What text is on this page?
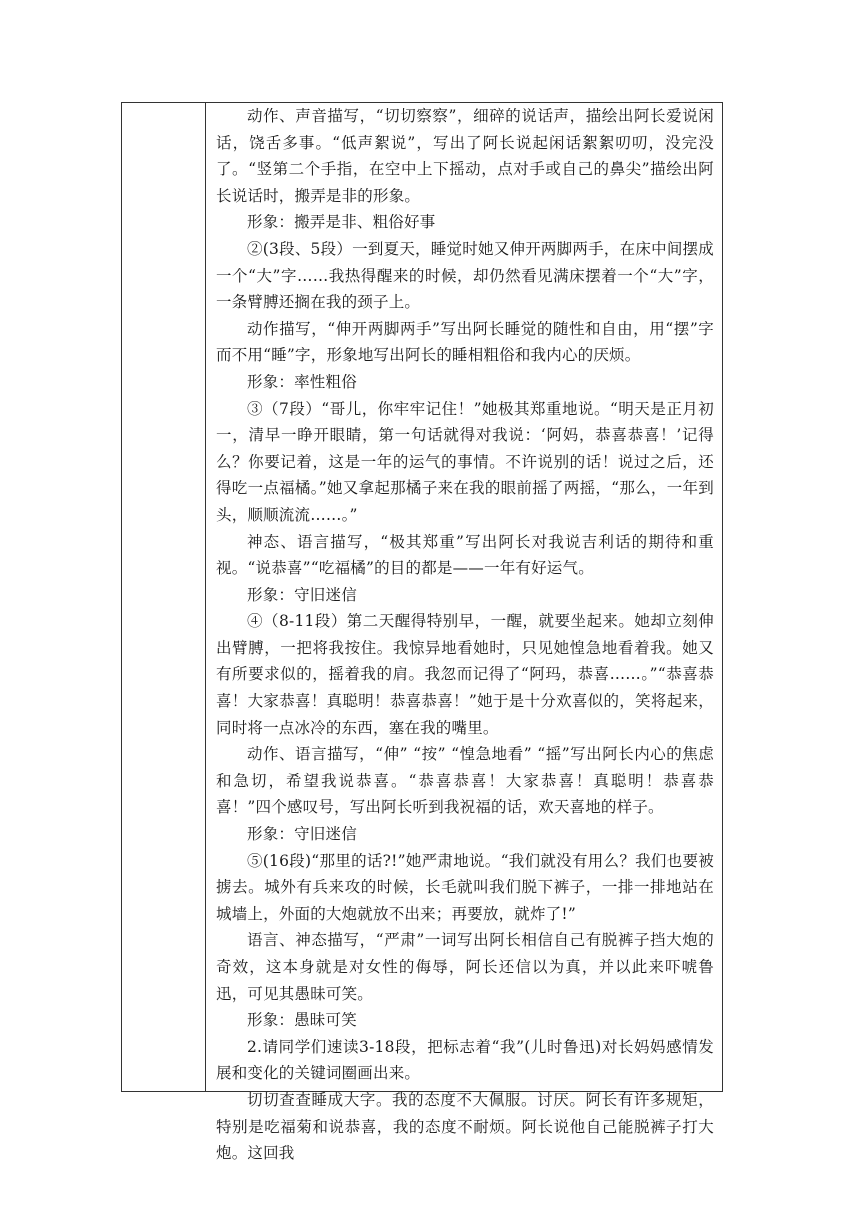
动作、声音描写，“切切察察”，细碎的说话声，描绘出阿长爱说闲话，饶舌多事。“低声絮说”，写出了阿长说起闲话絮絮叨叨，没完没了。“竖第二个手指，在空中上下摇动，点对手或自己的鼻尖”描绘出阿长说话时，搬弄是非的形象。

形象：搬弄是非、粗俗好事

②(3段、5段）一到夏天，睡觉时她又伸开两脚两手，在床中间摆成一个“大”字……我热得醒来的时候，却仍然看见满床摆着一个“大”字，一条臂膊还搁在我的颈子上。

动作描写，“伸开两脚两手”写出阿长睡觉的随性和自由，用“摆”字而不用“睡”字，形象地写出阿长的睡相粗俗和我内心的厌烦。

形象：率性粗俗

③（7段）“哥儿，你牢牢记住！”她极其郑重地说。“明天是正月初一，清早一睁开眼睛，第一句话就得对我说：‘阿妈，恭喜恭喜！’记得么？你要记着，这是一年的运气的事情。不许说别的话！说过之后，还得吃一点福橘。”她又拿起那橘子来在我的眼前摇了两摇，“那么，一年到头，顺顺流流……。”

神态、语言描写，“极其郑重”写出阿长对我说吉利话的期待和重视。“说恭喜”“吃福橘”的目的都是——一年有好运气。

形象：守旧迷信

④（8-11段）第二天醒得特别早，一醒，就要坐起来。她却立刻伸出臂膊，一把将我按住。我惊异地看她时，只见她惶急地看着我。她又有所要求似的，摇着我的肩。我忽而记得了“阿玛，恭喜……。”“恭喜恭喜！大家恭喜！真聪明！恭喜恭喜！”她于是十分欢喜似的，笑将起来，同时将一点冰冷的东西，塞在我的嘴里。

动作、语言描写，“伸” “按” “惶急地看” “摇”写出阿长内心的焦虑和急切，希望我说恭喜。“恭喜恭喜！大家恭喜！真聪明！恭喜恭喜！”四个感叹号，写出阿长听到我祝福的话，欢天喜地的样子。

形象：守旧迷信

⑤(16段)“那里的话?!”她严肃地说。“我们就没有用么？我们也要被掳去。城外有兵来攻的时候，长毛就叫我们脱下裤子，一排一排地站在城墙上，外面的大炮就放不出来；再要放，就炸了!”

语言、神态描写，“严肃”一词写出阿长相信自己有脱裤子挡大炮的奇效，这本身就是对女性的侮辱，阿长还信以为真，并以此来吓唬鲁迅，可见其愚昧可笑。

形象：愚昧可笑

2.请同学们速读3-18段，把标志着“我”(儿时鲁迅)对长妈妈感情发展和变化的关键词圈画出来。

切切查查睡成大字。我的态度不大佩服。讨厌。阿长有许多规矩，特别是吃福菊和说恭喜，我的态度不耐烦。阿长说他自己能脱裤子打大炮。这回我
